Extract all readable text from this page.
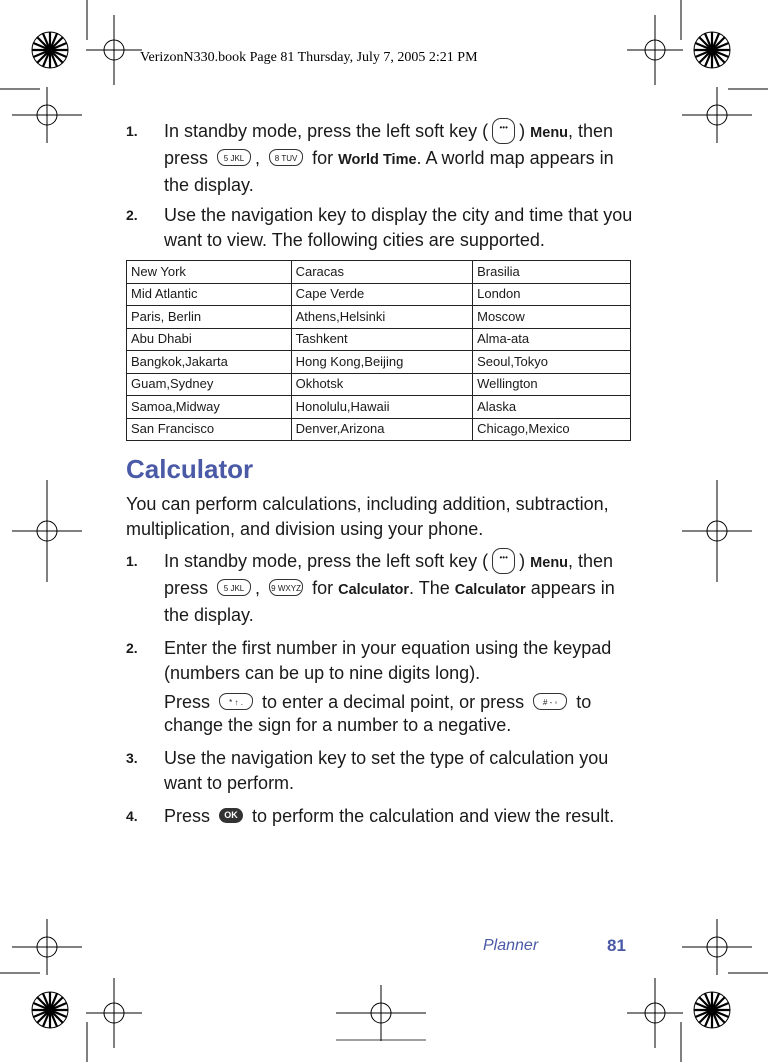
VerizonN330.book Page 81 Thursday, July 7, 2005 2:21 PM
1. In standby mode, press the left soft key ( ••• ) Menu, then press 5 JKL , 8 TUV for World Time. A world map appears in the display.
2. Use the navigation key to display the city and time that you want to view. The following cities are supported.
New York	Caracas	Brasilia
Mid Atlantic	Cape Verde	London
Paris, Berlin	Athens,Helsinki	Moscow
Abu Dhabi	Tashkent	Alma-ata
Bangkok,Jakarta	Hong Kong,Beijing	Seoul,Tokyo
Guam,Sydney	Okhotsk	Wellington
Samoa,Midway	Honolulu,Hawaii	Alaska
San Francisco	Denver,Arizona	Chicago,Mexico
Calculator
You can perform calculations, including addition, subtraction, multiplication, and division using your phone.
1. In standby mode, press the left soft key ( ••• ) Menu, then press 5 JKL , 9 WXYZ for Calculator. The Calculator appears in the display.
2. Enter the first number in your equation using the keypad (numbers can be up to nine digits long).
Press * ↑ . to enter a decimal point, or press # - ◦ to change the sign for a number to a negative.
3. Use the navigation key to set the type of calculation you want to perform.
4. Press OK to perform the calculation and view the result.
Planner	81
